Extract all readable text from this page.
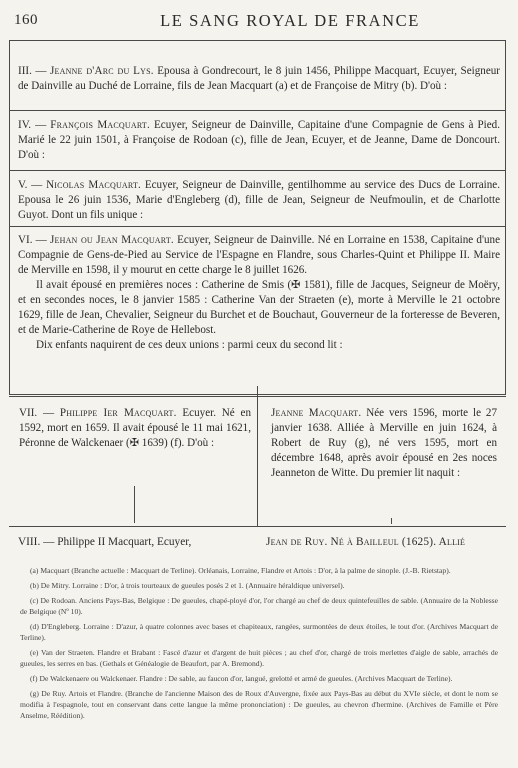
160	LE SANG ROYAL DE FRANCE

III. — Jeanne d'Arc du Lys. Epousa à Gondrecourt, le 8 juin 1456, Philippe Macquart, Ecuyer, Seigneur de Dainville au Duché de Lorraine, fils de Jean Macquart (a) et de Françoise de Mitry (b). D'où :

IV. — François Macquart. Ecuyer, Seigneur de Dainville, Capitaine d'une Compagnie de Gens à Pied. Marié le 22 juin 1501, à Françoise de Rodoan (c), fille de Jean, Ecuyer, et de Jeanne, Dame de Doncourt. D'où :

V. — Nicolas Macquart. Ecuyer, Seigneur de Dainville, gentilhomme au service des Ducs de Lorraine. Epousa le 26 juin 1536, Marie d'Engleberg (d), fille de Jean, Seigneur de Neufmoulin, et de Charlotte Guyot. Dont un fils unique :

VI. — Jehan ou Jean Macquart. Ecuyer, Seigneur de Dainville. Né en Lorraine en 1538, Capitaine d'une Compagnie de Gens-de-Pied au Service de l'Espagne en Flandre, sous Charles-Quint et Philippe II. Maire de Merville en 1598, il y mourut en cette charge le 8 juillet 1626.

Il avait épousé en premières noces : Catherine de Smis (✠ 1581), fille de Jacques, Seigneur de Moëry, et en secondes noces, le 8 janvier 1585 : Catherine Van der Straeten (e), morte à Merville le 21 octobre 1629, fille de Jean, Chevalier, Seigneur du Burchet et de Bouchaut, Gouverneur de la forteresse de Beveren, et de Marie-Catherine de Roye de Hellebost.

Dix enfants naquirent de ces deux unions : parmi ceux du second lit :

VII. — Philippe Ier Macquart. Ecuyer. Né en 1592, mort en 1659. Il avait épousé le 11 mai 1621, Péronne de Walckenaer (✠ 1639) (f). D'où :
Jeanne Macquart. Née vers 1596, morte le 27 janvier 1638. Alliée à Merville en juin 1624, à Robert de Ruy (g), né vers 1595, mort en décembre 1648, après avoir épousé en 2es noces Jeanneton de Witte. Du premier lit naquit :
VIII. — Philippe II Macquart, Ecuyer,	Jean de Ruy. Né à Bailleul (1625). Allié

(a) Macquart (Branche actuelle : Macquart de Terline). Orléanais, Lorraine, Flandre et Artois : D'or, à la palme de sinople. (J.-B. Rietstap).

(b) De Mitry. Lorraine : D'or, à trois tourteaux de gueules posés 2 et 1. (Annuaire héraldique universel).

(c) De Rodoan. Anciens Pays-Bas, Belgique : De gueules, chapé-ployé d'or, l'or chargé au chef de deux quintefeuilles de sable. (Annuaire de la Noblesse de Belgique (Nº 10).

(d) D'Engleberg. Lorraine : D'azur, à quatre colonnes avec bases et chapiteaux, rangées, surmontées de deux étoiles, le tout d'or. (Archives Macquart de Terline).

(e) Van der Straeten. Flandre et Brabant : Fascé d'azur et d'argent de huit pièces ; au chef d'or, chargé de trois merlettes d'aigle de sable, arrachés de gueules, les serres en bas. (Gethals et Généalogie de Beaufort, par A. Bremond).

(f) De Walckenaere ou Walckenaer. Flandre : De sable, au faucon d'or, langué, grelotté et armé de gueules. (Archives Macquart de Terline).

(g) De Ruy. Artois et Flandre. (Branche de l'ancienne Maison des de Roux d'Auvergne, fixée aux Pays-Bas au début du XVIe siècle, et dont le nom se modifia à l'espagnole, tout en conservant dans cette langue la même prononciation) : De gueules, au chevron d'hermine. (Archives de Famille et Père Anselme, Réédition).
